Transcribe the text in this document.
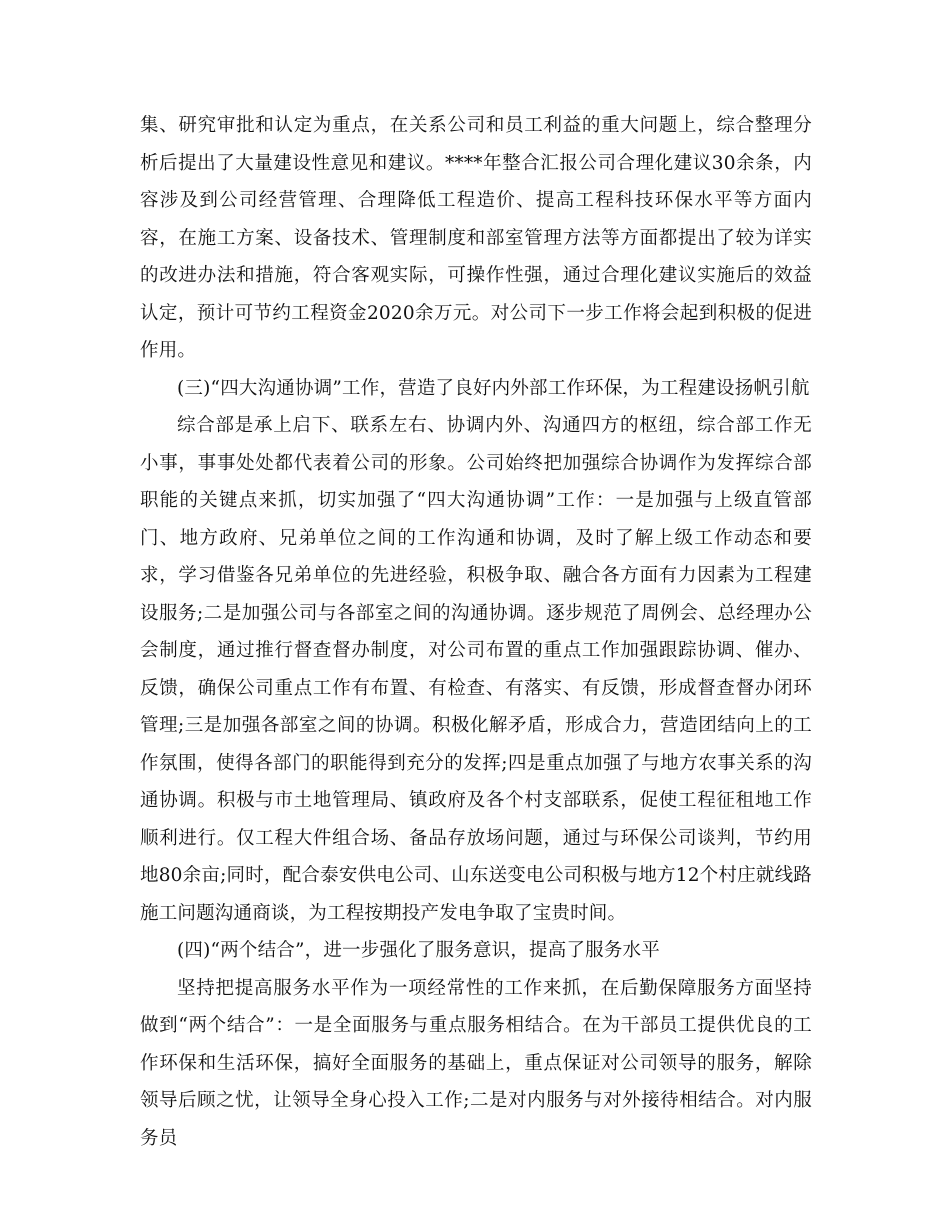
集、研究审批和认定为重点，在关系公司和员工利益的重大问题上，综合整理分析后提出了大量建设性意见和建议。****年整合汇报公司合理化建议30余条，内容涉及到公司经营管理、合理降低工程造价、提高工程科技环保水平等方面内容，在施工方案、设备技术、管理制度和部室管理方法等方面都提出了较为详实的改进办法和措施，符合客观实际，可操作性强，通过合理化建议实施后的效益认定，预计可节约工程资金2020余万元。对公司下一步工作将会起到积极的促进作用。

(三)“四大沟通协调”工作，营造了良好内外部工作环保，为工程建设扬帆引航

综合部是承上启下、联系左右、协调内外、沟通四方的枢纽，综合部工作无小事，事事处处都代表着公司的形象。公司始终把加强综合协调作为发挥综合部职能的关键点来抓，切实加强了“四大沟通协调”工作：一是加强与上级直管部门、地方政府、兄弟单位之间的工作沟通和协调，及时了解上级工作动态和要求，学习借鉴各兄弟单位的先进经验，积极争取、融合各方面有力因素为工程建设服务;二是加强公司与各部室之间的沟通协调。逐步规范了周例会、总经理办公会制度，通过推行督查督办制度，对公司布置的重点工作加强跟踪协调、催办、反馈，确保公司重点工作有布置、有检查、有落实、有反馈，形成督查督办闭环管理;三是加强各部室之间的协调。积极化解矛盾，形成合力，营造团结向上的工作氛围，使得各部门的职能得到充分的发挥;四是重点加强了与地方农事关系的沟通协调。积极与市土地管理局、镇政府及各个村支部联系，促使工程征租地工作顺利进行。仅工程大件组合场、备品存放场问题，通过与环保公司谈判，节约用地80余亩;同时，配合泰安供电公司、山东送变电公司积极与地方12个村庄就线路施工问题沟通商谈，为工程按期投产发电争取了宝贵时间。

(四)“两个结合”，进一步强化了服务意识，提高了服务水平

坚持把提高服务水平作为一项经常性的工作来抓，在后勤保障服务方面坚持做到“两个结合”：一是全面服务与重点服务相结合。在为干部员工提供优良的工作环保和生活环保，搞好全面服务的基础上，重点保证对公司领导的服务，解除领导后顾之忧，让领导全身心投入工作;二是对内服务与对外接待相结合。对内服务员
